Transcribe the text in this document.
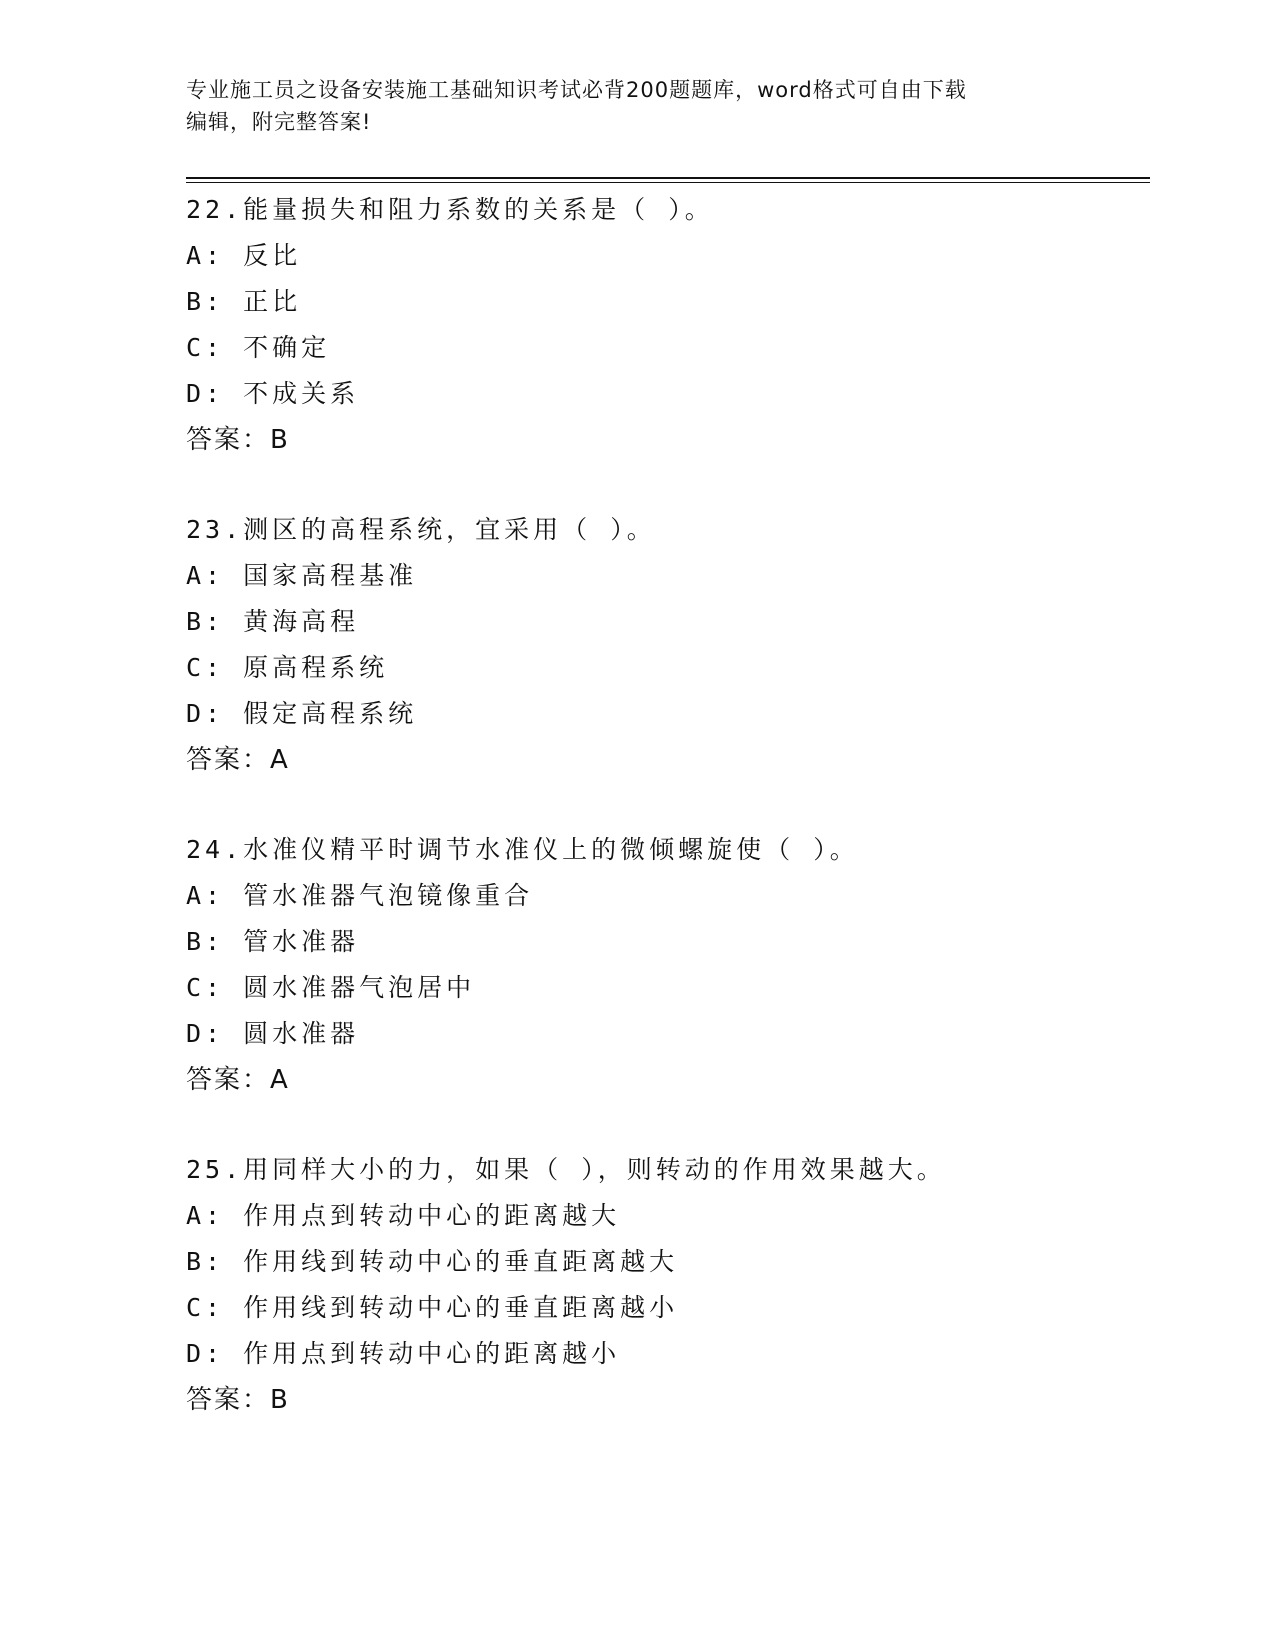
专业施工员之设备安装施工基础知识考试必背200题题库，word格式可自由下载
编辑，附完整答案!
22.能量损失和阻力系数的关系是（ ）。
A: 反比
B: 正比
C: 不确定
D: 不成关系
答案：B
23.测区的高程系统，宜采用（ ）。
A: 国家高程基准
B: 黄海高程
C: 原高程系统
D: 假定高程系统
答案：A
24.水准仪精平时调节水准仪上的微倾螺旋使（ ）。
A: 管水准器气泡镜像重合
B: 管水准器
C: 圆水准器气泡居中
D: 圆水准器
答案：A
25.用同样大小的力，如果（ ），则转动的作用效果越大。
A: 作用点到转动中心的距离越大
B: 作用线到转动中心的垂直距离越大
C: 作用线到转动中心的垂直距离越小
D: 作用点到转动中心的距离越小
答案：B
